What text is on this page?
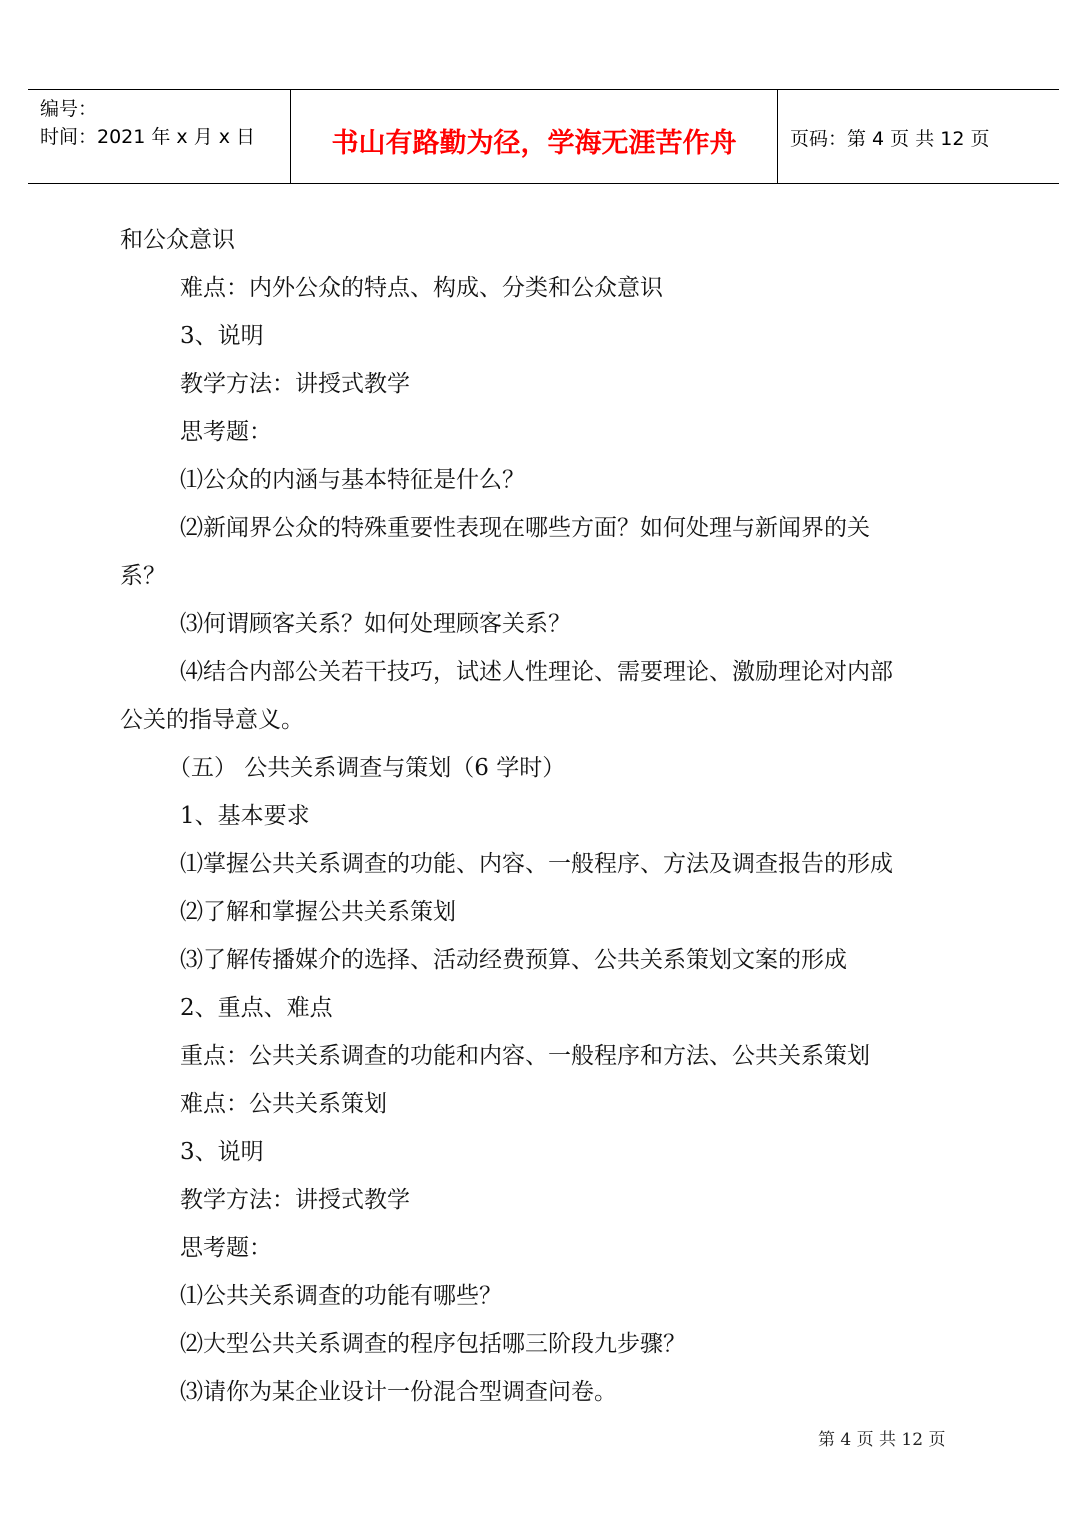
编号：
时间：2021 年 x 月 x 日	书山有路勤为径，学海无涯苦作舟	页码：第 4 页 共 12 页
和公众意识
难点：内外公众的特点、构成、分类和公众意识
3、说明
教学方法：讲授式教学
思考题：
⑴公众的内涵与基本特征是什么？
⑵新闻界公众的特殊重要性表现在哪些方面？如何处理与新闻界的关
系？
⑶何谓顾客关系？如何处理顾客关系？
⑷结合内部公关若干技巧，试述人性理论、需要理论、激励理论对内部
公关的指导意义。
（五） 公共关系调查与策划（6 学时）
1、基本要求
⑴掌握公共关系调查的功能、内容、一般程序、方法及调查报告的形成
⑵了解和掌握公共关系策划
⑶了解传播媒介的选择、活动经费预算、公共关系策划文案的形成
2、重点、难点
重点：公共关系调查的功能和内容、一般程序和方法、公共关系策划
难点：公共关系策划
3、说明
教学方法：讲授式教学
思考题：
⑴公共关系调查的功能有哪些？
⑵大型公共关系调查的程序包括哪三阶段九步骤？
⑶请你为某企业设计一份混合型调查问卷。
第 4 页 共 12 页
